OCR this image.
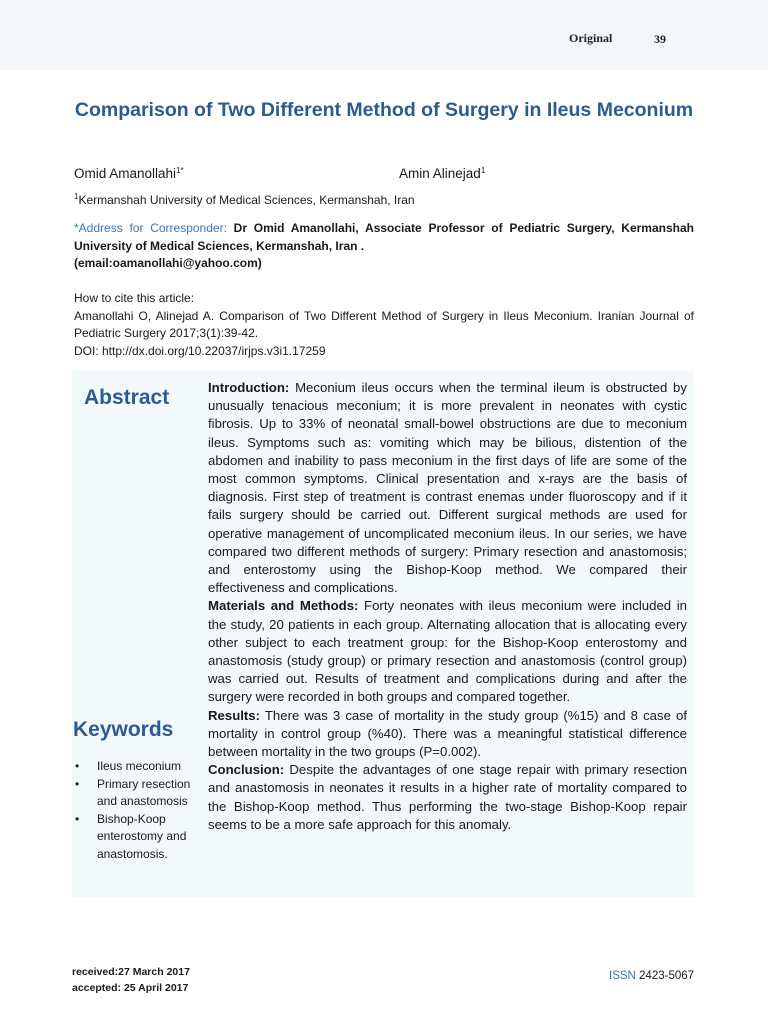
Original	39
Comparison of Two Different Method of Surgery in Ileus Meconium
Omid Amanollahi$^{1*}$	Amin Alinejad$^1$
$^1$Kermanshah University of Medical Sciences, Kermanshah, Iran
*Address for Corresponder: Dr Omid Amanollahi, Associate Professor of Pediatric Surgery, Kermanshah University of Medical Sciences, Kermanshah, Iran .
(email:oamanollahi@yahoo.com)
How to cite this article:
Amanollahi O, Alinejad A. Comparison of Two Different Method of Surgery in Ileus Meconium. Iranian Journal of Pediatric Surgery 2017;3(1):39-42.
DOI: http://dx.doi.org/10.22037/irjps.v3i1.17259
Abstract
Keywords
• Ileus meconium
• Primary resection and anastomosis
• Bishop-Koop enterostomy and anastomosis.

Introduction: Meconium ileus occurs when the terminal ileum is obstructed by unusually tenacious meconium; it is more prevalent in neonates with cystic fibrosis. Up to 33% of neonatal small-bowel obstructions are due to meconium ileus. Symptoms such as: vomiting which may be bilious, distention of the abdomen and inability to pass meconium in the first days of life are some of the most common symptoms. Clinical presentation and x-rays are the basis of diagnosis. First step of treatment is contrast enemas under fluoroscopy and if it fails surgery should be carried out. Different surgical methods are used for operative management of uncomplicated meconium ileus. In our series, we have compared two different methods of surgery: Primary resection and anastomosis; and enterostomy using the Bishop-Koop method. We compared their effectiveness and complications.

Materials and Methods: Forty neonates with ileus meconium were included in the study, 20 patients in each group. Alternating allocation that is allocating every other subject to each treatment group: for the Bishop-Koop enterostomy and anastomosis (study group) or primary resection and anastomosis (control group) was carried out. Results of treatment and complications during and after the surgery were recorded in both groups and compared together.

Results: There was 3 case of mortality in the study group (%15) and 8 case of mortality in control group (%40). There was a meaningful statistical difference between mortality in the two groups (P=0.002).

Conclusion: Despite the advantages of one stage repair with primary resection and anastomosis in neonates it results in a higher rate of mortality compared to the Bishop-Koop method. Thus performing the two-stage Bishop-Koop repair seems to be a more safe approach for this anomaly.

received:27 March 2017
accepted: 25 April 2017
ISSN 2423-5067
